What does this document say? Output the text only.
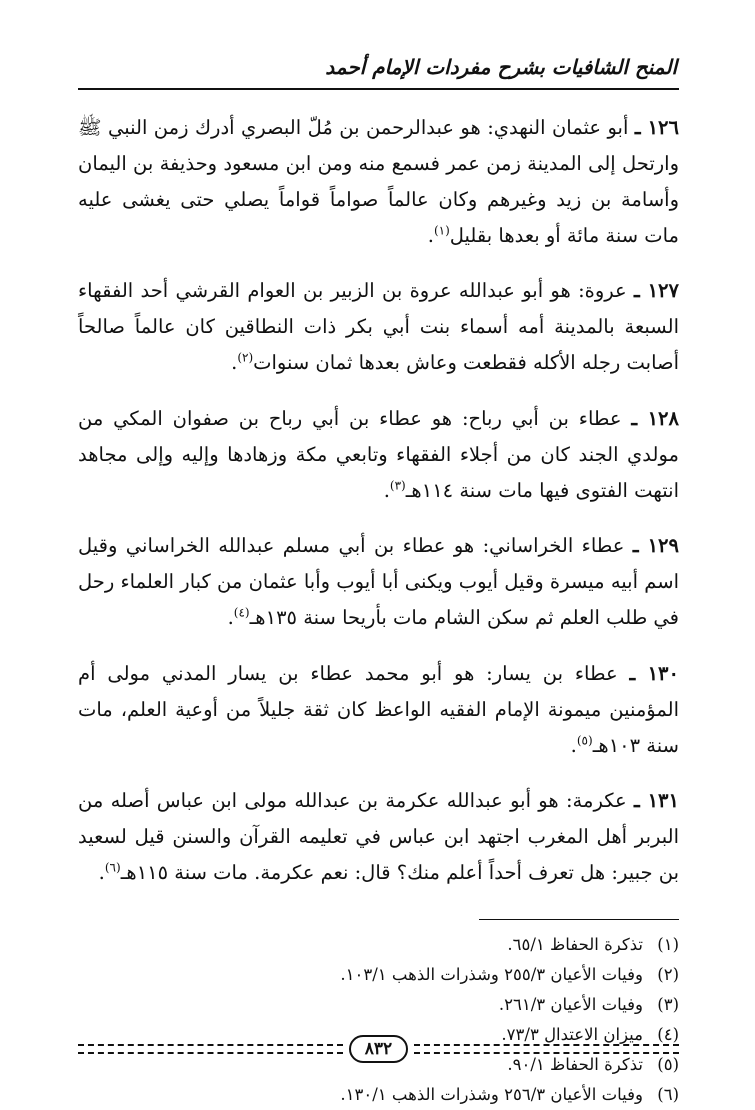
المنح الشافيات بشرح مفردات الإمام أحمد

١٢٦ ـ أبو عثمان النهدي: هو عبدالرحمن بن مُلّ البصري أدرك زمن النبي ﷺ وارتحل إلى المدينة زمن عمر فسمع منه ومن ابن مسعود وحذيفة بن اليمان وأسامة بن زيد وغيرهم وكان عالماً صواماً قواماً يصلي حتى يغشى عليه مات سنة مائة أو بعدها بقليل$^{(١)}$.

١٢٧ ـ عروة: هو أبو عبدالله عروة بن الزبير بن العوام القرشي أحد الفقهاء السبعة بالمدينة أمه أسماء بنت أبي بكر ذات النطاقين كان عالماً صالحاً أصابت رجله الأكله فقطعت وعاش بعدها ثمان سنوات$^{(٢)}$.

١٢٨ ـ عطاء بن أبي رباح: هو عطاء بن أبي رباح بن صفوان المكي من مولدي الجند كان من أجلاء الفقهاء وتابعي مكة وزهادها وإليه وإلى مجاهد انتهت الفتوى فيها مات سنة ١١٤هـ$^{(٣)}$.

١٢٩ ـ عطاء الخراساني: هو عطاء بن أبي مسلم عبدالله الخراساني وقيل اسم أبيه ميسرة وقيل أيوب ويكنى أبا أيوب وأبا عثمان من كبار العلماء رحل في طلب العلم ثم سكن الشام مات بأريحا سنة ١٣٥هـ$^{(٤)}$.

١٣٠ ـ عطاء بن يسار: هو أبو محمد عطاء بن يسار المدني مولى أم المؤمنين ميمونة الإمام الفقيه الواعظ كان ثقة جليلاً من أوعية العلم، مات سنة ١٠٣هـ$^{(٥)}$.

١٣١ ـ عكرمة: هو أبو عبدالله عكرمة بن عبدالله مولى ابن عباس أصله من البربر أهل المغرب اجتهد ابن عباس في تعليمه القرآن والسنن قيل لسعيد بن جبير: هل تعرف أحداً أعلم منك؟ قال: نعم عكرمة. مات سنة ١١٥هـ$^{(٦)}$.

(١)
تذكرة الحفاظ ٦٥/١.
(٢)
وفيات الأعيان ٢٥٥/٣ وشذرات الذهب ١٠٣/١.
(٣)
وفيات الأعيان ٢٦١/٣.
(٤)
ميزان الاعتدال ٧٣/٣.
(٥)
تذكرة الحفاظ ٩٠/١.
(٦)
وفيات الأعيان ٢٥٦/٣ وشذرات الذهب ١٣٠/١.
٨٣٢
